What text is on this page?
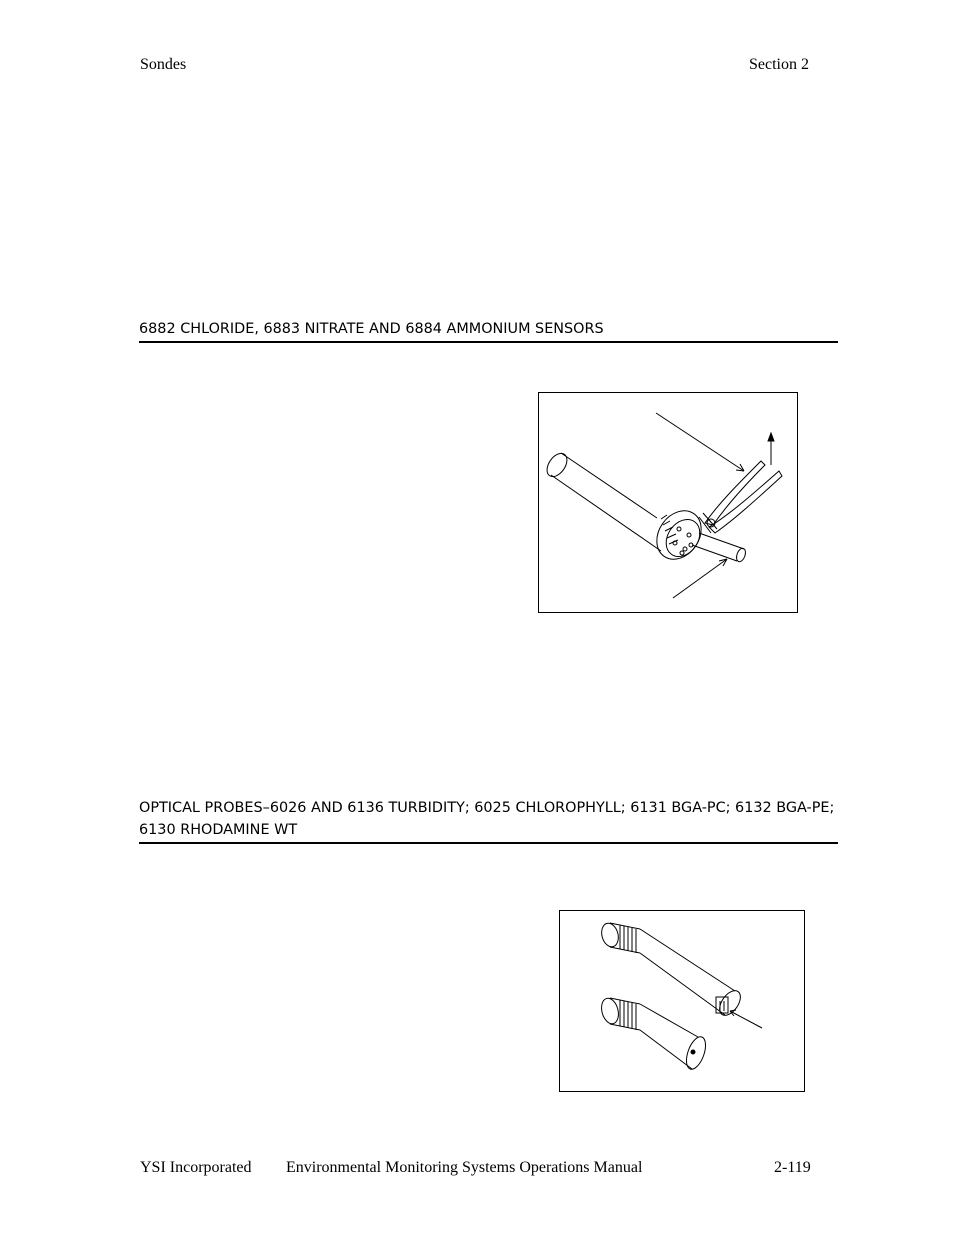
Sondes	Section 2
6882 CHLORIDE, 6883 NITRATE AND 6884 AMMONIUM SENSORS
OPTICAL PROBES–6026 AND 6136 TURBIDITY; 6025 CHLOROPHYLL; 6131 BGA-PC; 6132 BGA-PE; 6130 RHODAMINE WT
YSI Incorporated Environmental Monitoring Systems Operations Manual	2-119
